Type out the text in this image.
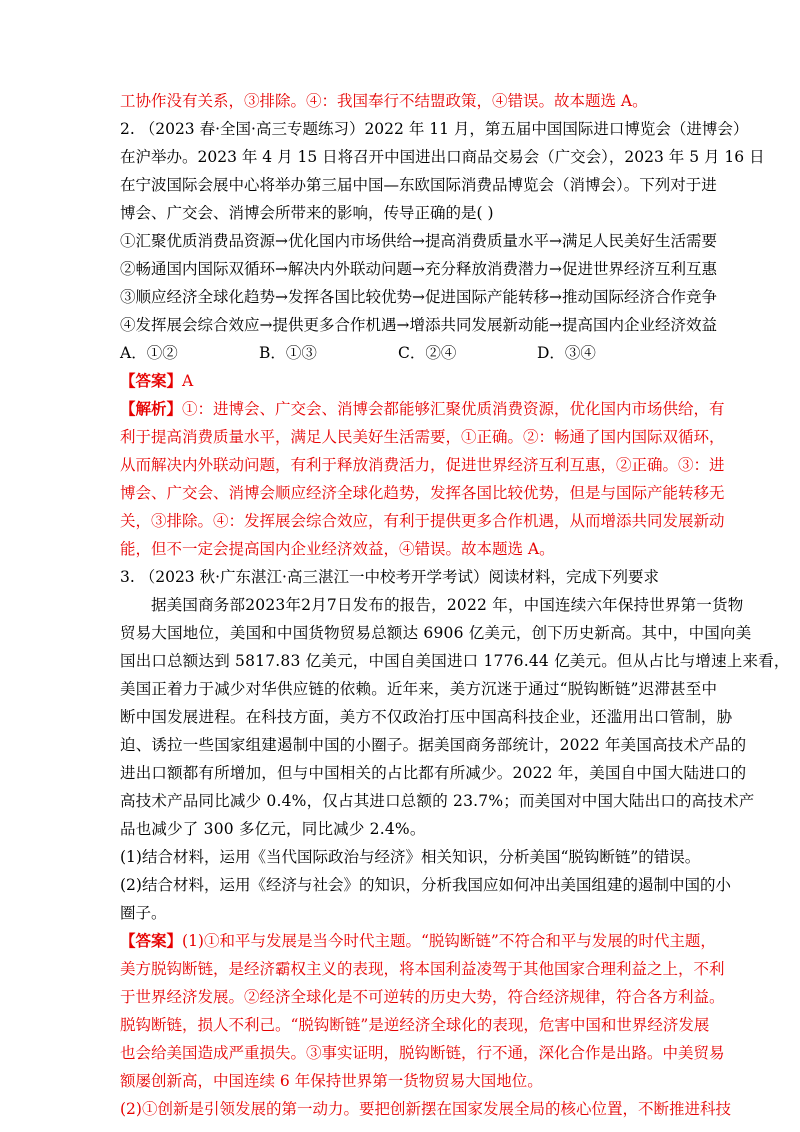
工协作没有关系，③排除。④：我国奉行不结盟政策，④错误。故本题选 A。
2. （2023 春·全国·高三专题练习）2022 年 11 月，第五届中国国际进口博览会（进博会）
在沪举办。2023 年 4 月 15 日将召开中国进出口商品交易会（广交会），2023 年 5 月 16 日
在宁波国际会展中心将举办第三届中国—东欧国际消费品博览会（消博会）。下列对于进
博会、广交会、消博会所带来的影响，传导正确的是( )
①汇聚优质消费品资源→优化国内市场供给→提高消费质量水平→满足人民美好生活需要
②畅通国内国际双循环→解决内外联动问题→充分释放消费潜力→促进世界经济互利互惠
③顺应经济全球化趋势→发挥各国比较优势→促进国际产能转移→推动国际经济合作竞争
④发挥展会综合效应→提供更多合作机遇→增添共同发展新动能→提高国内企业经济效益
A．①②	B．①③	C．②④	D．③④
【答案】A
【解析】①：进博会、广交会、消博会都能够汇聚优质消费资源，优化国内市场供给，有
利于提高消费质量水平，满足人民美好生活需要，①正确。②：畅通了国内国际双循环，
从而解决内外联动问题，有利于释放消费活力，促进世界经济互利互惠，②正确。③：进
博会、广交会、消博会顺应经济全球化趋势，发挥各国比较优势，但是与国际产能转移无
关，③排除。④：发挥展会综合效应，有利于提供更多合作机遇，从而增添共同发展新动
能，但不一定会提高国内企业经济效益，④错误。故本题选 A。
3. （2023 秋·广东湛江·高三湛江一中校考开学考试）阅读材料，完成下列要求
据美国商务部2023年2月7日发布的报告，2022 年，中国连续六年保持世界第一货物
贸易大国地位，美国和中国货物贸易总额达 6906 亿美元，创下历史新高。其中，中国向美
国出口总额达到 5817.83 亿美元，中国自美国进口 1776.44 亿美元。但从占比与增速上来看，
美国正着力于减少对华供应链的依赖。近年来，美方沉迷于通过“脱钩断链”迟滞甚至中
断中国发展进程。在科技方面，美方不仅政治打压中国高科技企业，还滥用出口管制，胁
迫、诱拉一些国家组建遏制中国的小圈子。据美国商务部统计，2022 年美国高技术产品的
进出口额都有所增加，但与中国相关的占比都有所减少。2022 年，美国自中国大陆进口的
高技术产品同比减少 0.4%，仅占其进口总额的 23.7%；而美国对中国大陆出口的高技术产
品也减少了 300 多亿元，同比减少 2.4%。
(1)结合材料，运用《当代国际政治与经济》相关知识，分析美国“脱钩断链”的错误。
(2)结合材料，运用《经济与社会》的知识，分析我国应如何冲出美国组建的遏制中国的小
圈子。
【答案】(1)①和平与发展是当今时代主题。“脱钩断链”不符合和平与发展的时代主题，
美方脱钩断链，是经济霸权主义的表现，将本国利益凌驾于其他国家合理利益之上，不利
于世界经济发展。②经济全球化是不可逆转的历史大势，符合经济规律，符合各方利益。
脱钩断链，损人不利己。“脱钩断链”是逆经济全球化的表现，危害中国和世界经济发展
也会给美国造成严重损失。③事实证明，脱钩断链，行不通，深化合作是出路。中美贸易
额屡创新高，中国连续 6 年保持世界第一货物贸易大国地位。
(2)①创新是引领发展的第一动力。要把创新摆在国家发展全局的核心位置，不断推进科技
